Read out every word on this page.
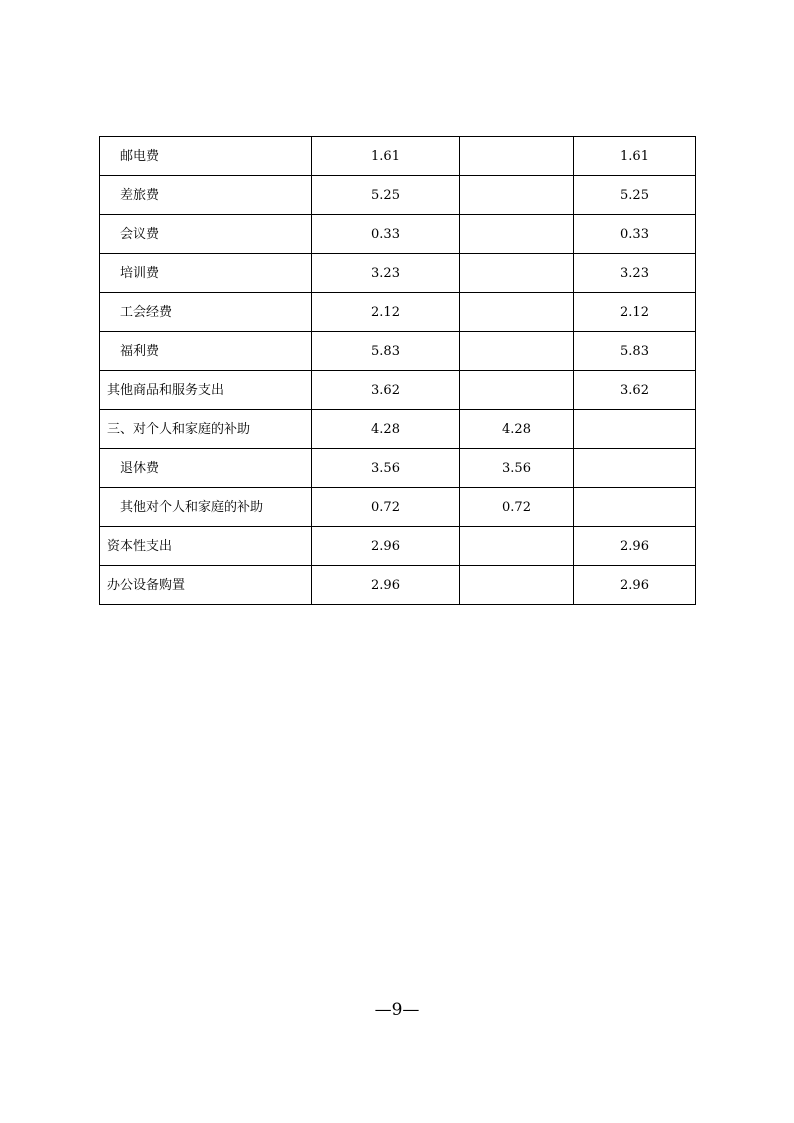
邮电费	1.61		1.61
差旅费	5.25		5.25
会议费	0.33		0.33
培训费	3.23		3.23
工会经费	2.12		2.12
福利费	5.83		5.83
其他商品和服务支出	3.62		3.62
三、对个人和家庭的补助	4.28	4.28	
退休费	3.56	3.56	
其他对个人和家庭的补助	0.72	0.72	
资本性支出	2.96		2.96
办公设备购置	2.96		2.96
—9—
